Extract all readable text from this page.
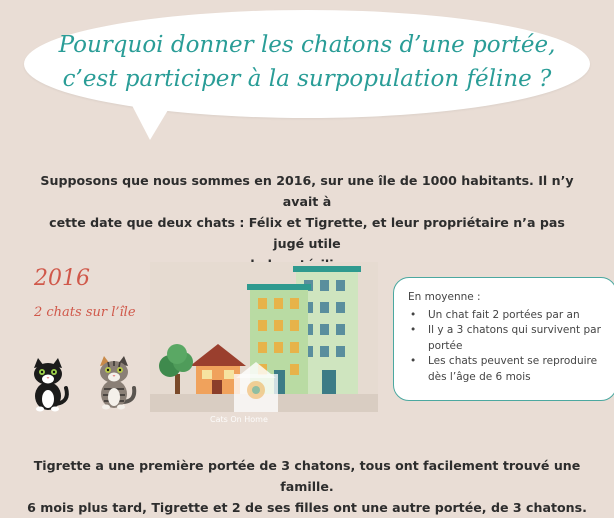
Pourquoi donner les chatons d’une portée,
c’est participer à la surpopulation féline ?
Supposons que nous sommes en 2016, sur une île de 1000 habitants. Il n’y avait à
cette date que deux chats : Félix et Tigrette, et leur propriétaire n’a pas jugé utile
2016
2 chats sur l’île
Cats On Home
En moyenne :
• Un chat fait 2 portées par an
• Il y a 3 chatons qui survivent par portée
• Les chats peuvent se reproduire dès l’âge de 6 mois
Tigrette a une première portée de 3 chatons, tous ont facilement trouvé une famille.
6 mois plus tard, Tigrette et 2 de ses filles ont une autre portée, de 3 chatons.
